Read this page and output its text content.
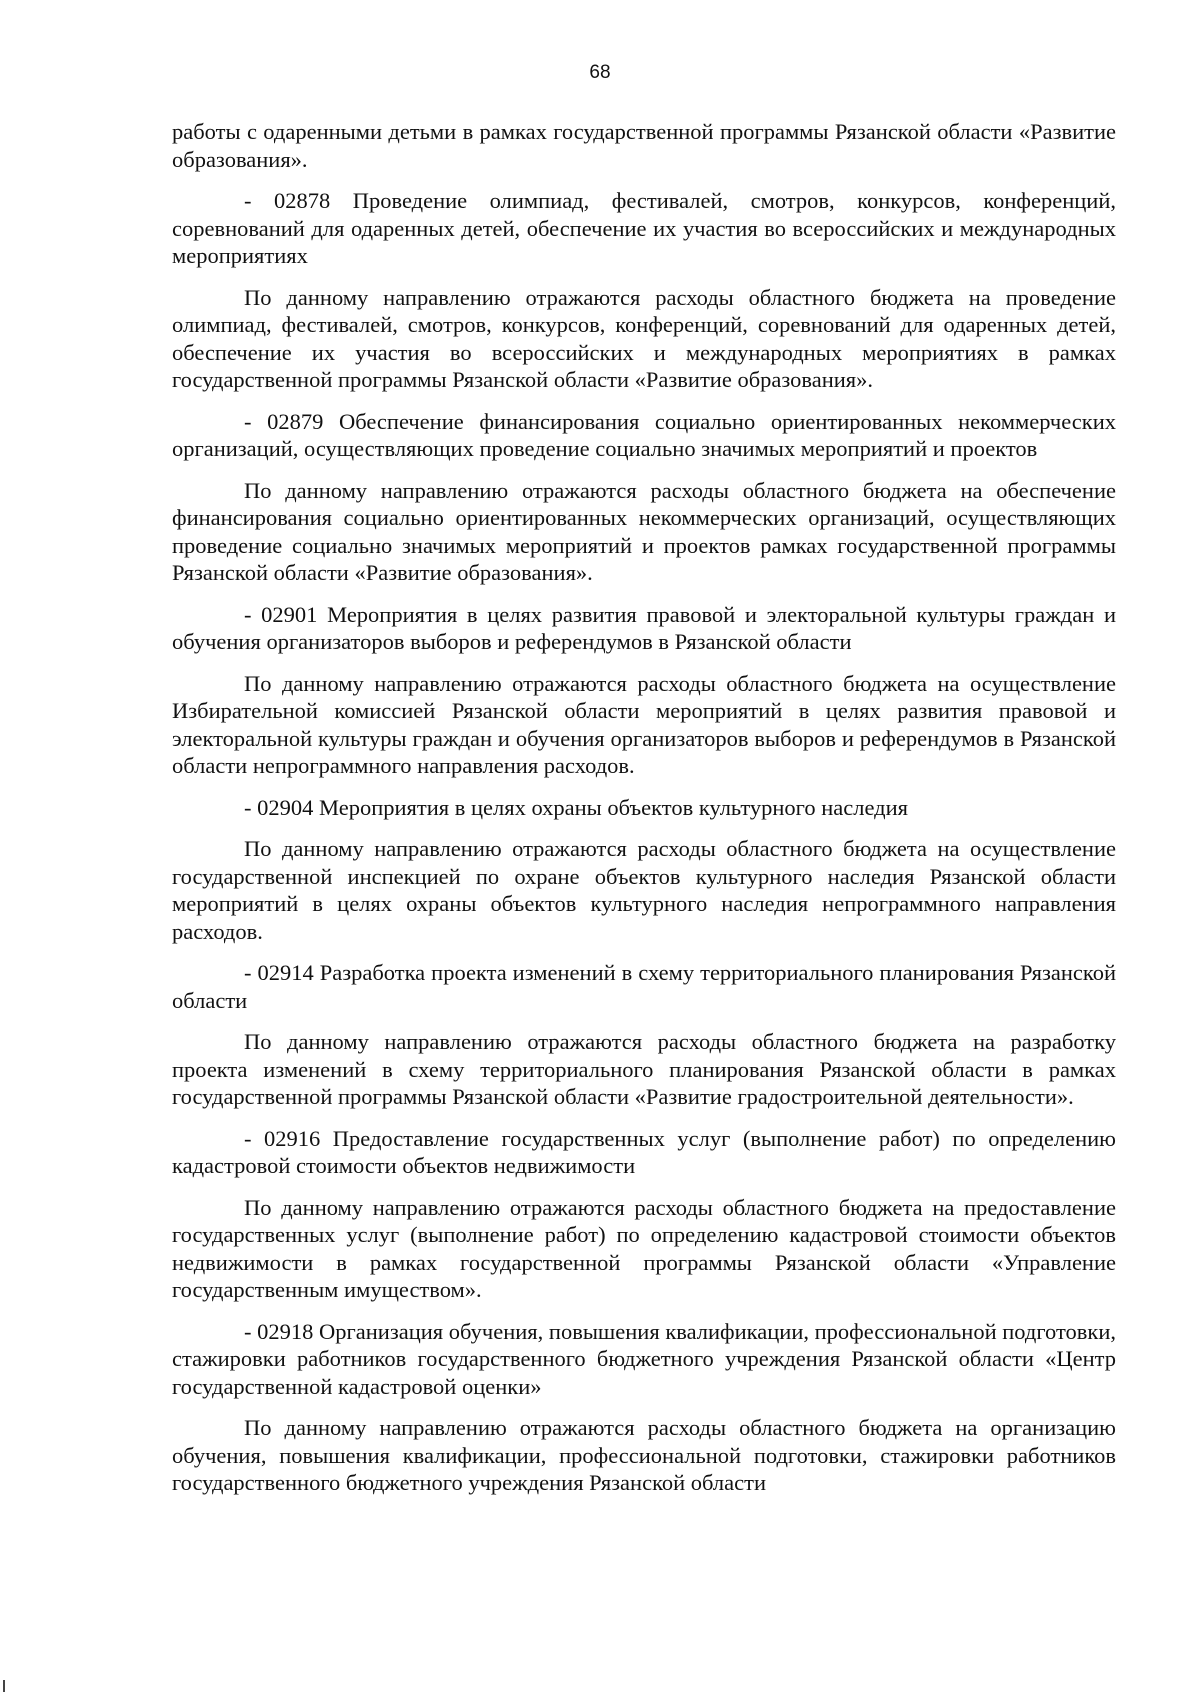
68

работы с одаренными детьми в рамках государственной программы Рязанской области «Развитие образования».

- 02878 Проведение олимпиад, фестивалей, смотров, конкурсов, конференций, соревнований для одаренных детей, обеспечение их участия во всероссийских и международных мероприятиях

По данному направлению отражаются расходы областного бюджета на проведение олимпиад, фестивалей, смотров, конкурсов, конференций, соревнований для одаренных детей, обеспечение их участия во всероссийских и международных мероприятиях в рамках государственной программы Рязанской области «Развитие образования».

- 02879 Обеспечение финансирования социально ориентированных некоммерческих организаций, осуществляющих проведение социально значимых мероприятий и проектов

По данному направлению отражаются расходы областного бюджета на обеспечение финансирования социально ориентированных некоммерческих организаций, осуществляющих проведение социально значимых мероприятий и проектов рамках государственной программы Рязанской области «Развитие образования».

- 02901 Мероприятия в целях развития правовой и электоральной культуры граждан и обучения организаторов выборов и референдумов в Рязанской области

По данному направлению отражаются расходы областного бюджета на осуществление Избирательной комиссией Рязанской области мероприятий в целях развития правовой и электоральной культуры граждан и обучения организаторов выборов и референдумов в Рязанской области непрограммного направления расходов.

- 02904 Мероприятия в целях охраны объектов культурного наследия

По данному направлению отражаются расходы областного бюджета на осуществление государственной инспекцией по охране объектов культурного наследия Рязанской области мероприятий в целях охраны объектов культурного наследия непрограммного направления расходов.

- 02914 Разработка проекта изменений в схему территориального планирования Рязанской области

По данному направлению отражаются расходы областного бюджета на разработку проекта изменений в схему территориального планирования Рязанской области в рамках государственной программы Рязанской области «Развитие градостроительной деятельности».

- 02916 Предоставление государственных услуг (выполнение работ) по определению кадастровой стоимости объектов недвижимости

По данному направлению отражаются расходы областного бюджета на предоставление государственных услуг (выполнение работ) по определению кадастровой стоимости объектов недвижимости в рамках государственной программы Рязанской области «Управление государственным имуществом».

- 02918 Организация обучения, повышения квалификации, профессиональной подготовки, стажировки работников государственного бюджетного учреждения Рязанской области «Центр государственной кадастровой оценки»

По данному направлению отражаются расходы областного бюджета на организацию обучения, повышения квалификации, профессиональной подготовки, стажировки работников государственного бюджетного учреждения Рязанской области
